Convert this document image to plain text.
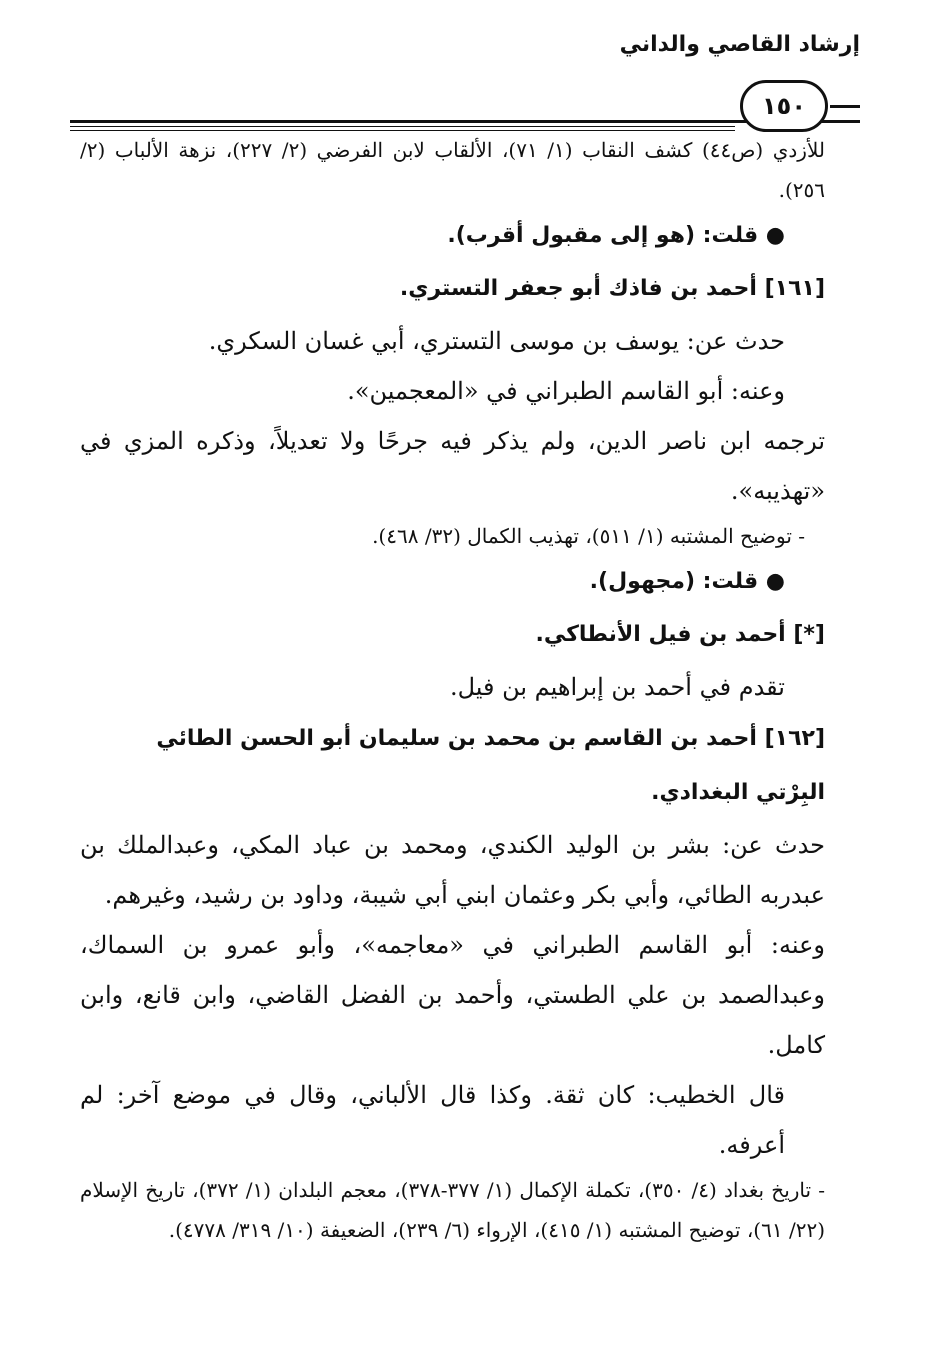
إرشاد القاصي والداني
١٥٠

للأزدي (ص٤٤) كشف النقاب (١/ ٧١)، الألقاب لابن الفرضي (٢/ ٢٢٧)، نزهة الألباب (٢/ ٢٥٦).

● قلت: (هو إلى مقبول أقرب).

[١٦١] أحمد بن فاذك أبو جعفر التستري.

حدث عن: يوسف بن موسى التستري، أبي غسان السكري.

وعنه: أبو القاسم الطبراني في «المعجمين».

ترجمه ابن ناصر الدين، ولم يذكر فيه جرحًا ولا تعديلاً، وذكره المزي في «تهذيبه».

- توضيح المشتبه (١/ ٥١١)، تهذيب الكمال (٣٢/ ٤٦٨).

● قلت: (مجهول).

[*] أحمد بن فيل الأنطاكي.

تقدم في أحمد بن إبراهيم بن فيل.

[١٦٢] أحمد بن القاسم بن محمد بن سليمان أبو الحسن الطائي البِرْتي البغدادي.

حدث عن: بشر بن الوليد الكندي، ومحمد بن عباد المكي، وعبدالملك بن عبدربه الطائي، وأبي بكر وعثمان ابني أبي شيبة، وداود بن رشيد، وغيرهم.

وعنه: أبو القاسم الطبراني في «معاجمه»، وأبو عمرو بن السماك، وعبدالصمد بن علي الطستي، وأحمد بن الفضل القاضي، وابن قانع، وابن كامل.

قال الخطيب: كان ثقة. وكذا قال الألباني، وقال في موضع آخر: لم أعرفه.

- تاريخ بغداد (٤/ ٣٥٠)، تكملة الإكمال (١/ ٣٧٧-٣٧٨)، معجم البلدان (١/ ٣٧٢)، تاريخ الإسلام (٢٢/ ٦١)، توضيح المشتبه (١/ ٤١٥)، الإرواء (٦/ ٢٣٩)، الضعيفة (١٠/ ٣١٩/ ٤٧٧٨).
